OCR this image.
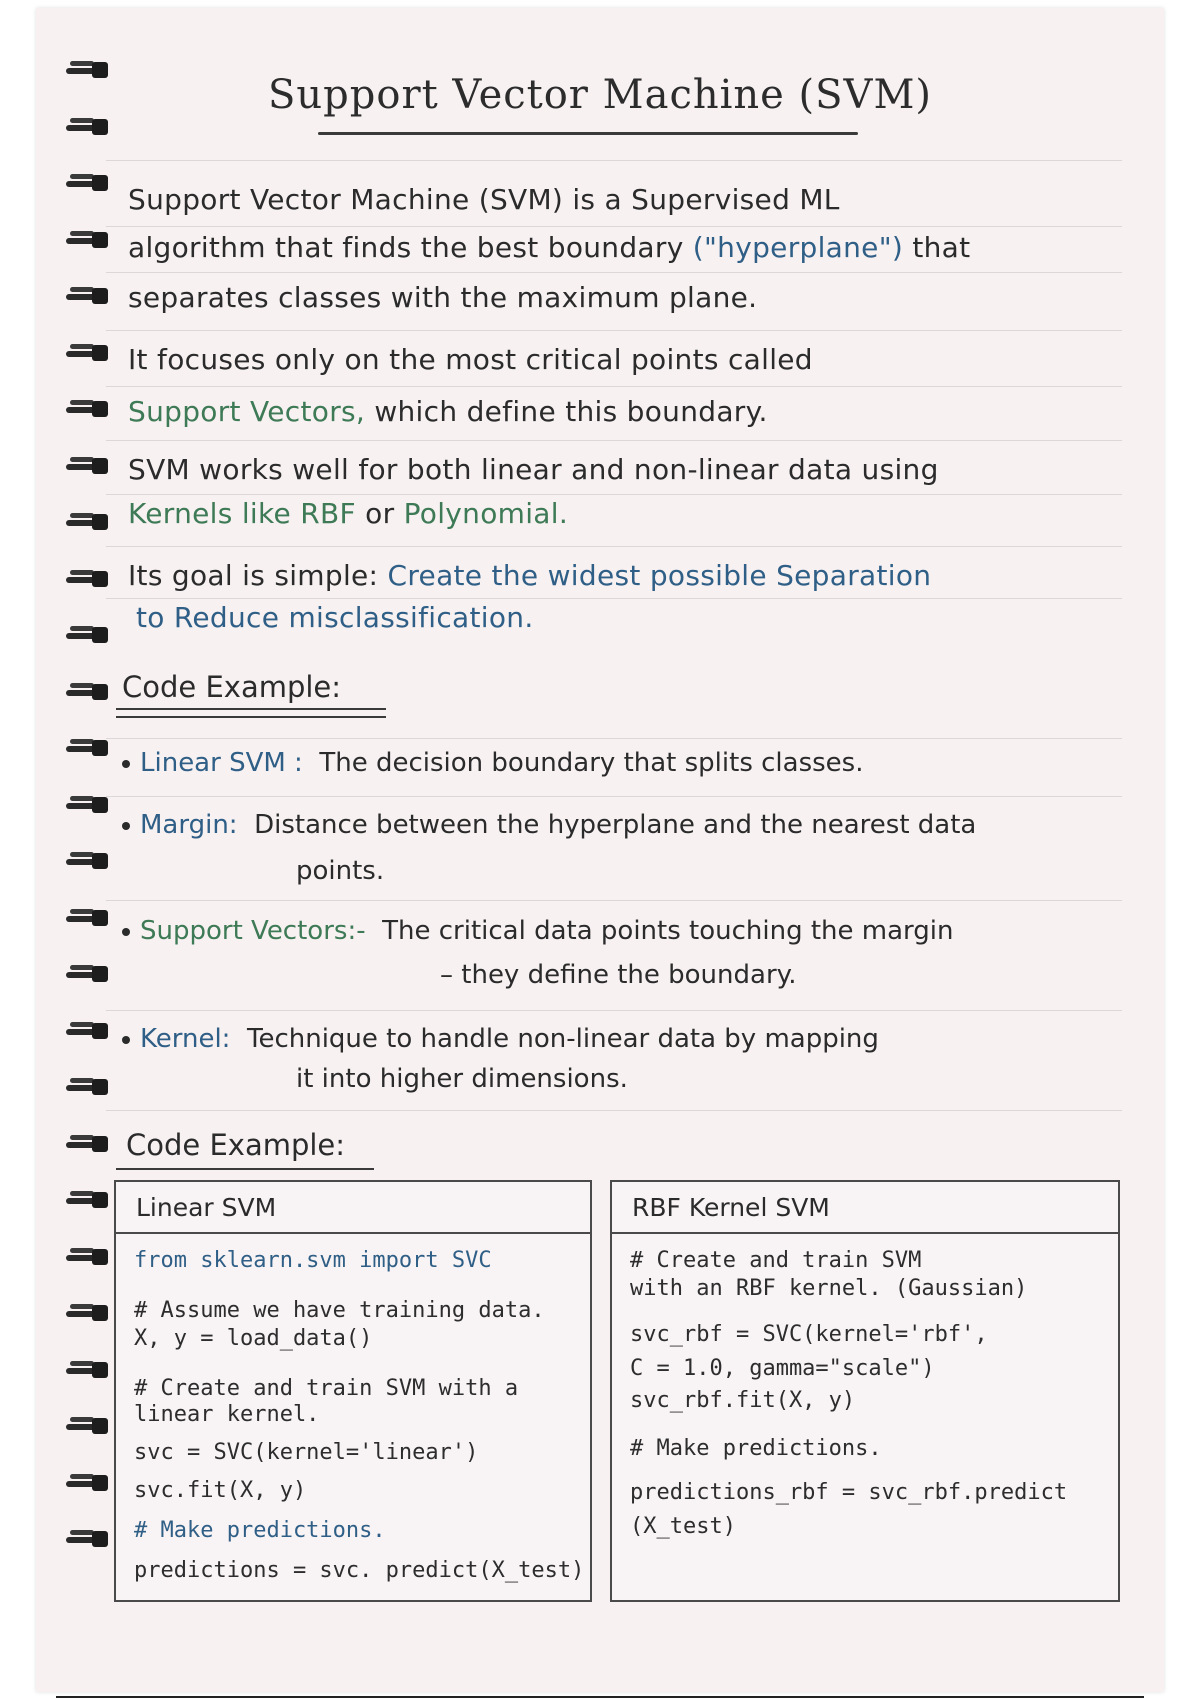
Support Vector Machine (SVM)
Support Vector Machine (SVM) is a Supervised ML
algorithm that finds the best boundary ("hyperplane") that
separates classes with the maximum plane.
It focuses only on the most critical points called
Support Vectors, which define this boundary.
SVM works well for both linear and non-linear data using
Kernels like RBF or Polynomial.
Its goal is simple: Create the widest possible Separation
to Reduce misclassification.
Code Example:
Linear SVM : The decision boundary that splits classes.
Margin: Distance between the hyperplane and the nearest data
points.
Support Vectors:- The critical data points touching the margin
– they define the boundary.
Kernel: Technique to handle non-linear data by mapping
it into higher dimensions.
Code Example:
Linear SVM
from sklearn.svm import SVC
# Assume we have training data.
X, y = load_data()
# Create and train SVM with a
linear kernel.
svc = SVC(kernel='linear')
svc.fit(X, y)
# Make predictions.
predictions = svc. predict(X_test)
RBF Kernel SVM
# Create and train SVM
with an RBF kernel. (Gaussian)
svc_rbf = SVC(kernel='rbf',
C = 1.0, gamma="scale")
svc_rbf.fit(X, y)
# Make predictions.
predictions_rbf = svc_rbf.predict
(X_test)
